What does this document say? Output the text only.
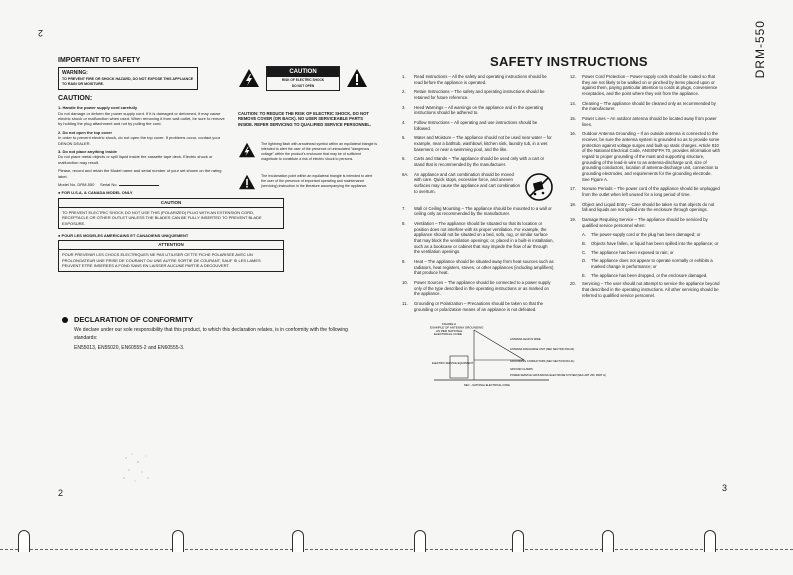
2	DRM-550
IMPORTANT TO SAFETY
WARNING:
TO PREVENT FIRE OR SHOCK HAZARD, DO NOT EXPOSE THIS APPLIANCE TO RAIN OR MOISTURE.
CAUTION:
1. Handle the power supply cord carefully
Do not damage or deform the power supply cord. If it is damaged or deformed, it may cause electric shock or malfunction when used. When removing it from wall outlet, be sure to remove by holding the plug attachment and not by pulling the cord.
2. Do not open the top cover
In order to prevent electric shock, do not open the top cover. If problems occur, contact your DENON DEALER.
3. Do not place anything inside
Do not place metal objects or spill liquid inside the cassette tape deck. Electric shock or malfunction may result.
Please, record and retain the Model name and serial number of your set shown on the rating label.
Model No. DRM-550 Serial No.
● FOR U.S.A. & CANADA MODEL ONLY
CAUTION
TO PREVENT ELECTRIC SHOCK DO NOT USE THIS (POLARIZED) PLUG WITH AN EXTENSION CORD, RECEPTACLE OR OTHER OUTLET UNLESS THE BLADES CAN BE FULLY INSERTED TO PREVENT BLADE EXPOSURE.
● POUR LES MODELES AMERICAINS ET CANADIENS UNIQUEMENT
ATTENTION
POUR PREVENIR LES CHOCS ELECTRIQUES NE PAS UTILISER CETTE FICHE POLARISEE AVEC UN PROLONGATEUR UNE PRISE DE COURANT OU UNE AUTRE SORTIE DE COURANT, SAUF SI LES LAMES PEUVENT ETRE INSEREES A FOND SANS EN LAISSER AUCUNE PARTIE A DECOUVERT.
CAUTION
RISK OF ELECTRIC SHOCK
DO NOT OPEN
CAUTION: TO REDUCE THE RISK OF ELECTRIC SHOCK, DO NOT REMOVE COVER (OR BACK). NO USER SERVICEABLE PARTS INSIDE. REFER SERVICING TO QUALIFIED SERVICE PERSONNEL.
The lightning flash with arrowhead symbol within an equilateral triangle is intended to alert the user of the presence of uninsulated "dangerous voltage" within the product's enclosure that may be of sufficient magnitude to constitute a risk of electric shock to persons.
The exclamation point within an equilateral triangle is intended to alert the user of the presence of important operating and maintenance (servicing) instruction in the literature accompanying the appliance.
DECLARATION OF CONFORMITY
We declare under our sole responsibility that this product, to which this declaration relates, is in conformity with the following standards:
EN55013, EN55020, EN60555-2 and EN60555-3.
2
SAFETY INSTRUCTIONS
1.	Read Instructions – All the safety and operating instructions should be read before the appliance is operated.
2.	Retain Instructions – The safety and operating instructions should be retained for future reference.
3.	Heed Warnings – All warnings on the appliance and in the operating instructions should be adhered to.
4.	Follow Instructions – All operating and use instructions should be followed.
5.	Water and Moisture – The appliance should not be used near water – for example, near a bathtub, washbowl, kitchen sink, laundry tub, in a wet basement, or near a swimming pool, and the like.
6.	Carts and Stands – The appliance should be used only with a cart or stand that is recommended by the manufacturer.
6A.	An appliance and cart combination should be moved with care. Quick stops, excessive force, and uneven surfaces may cause the appliance and cart combination to overturn.
7.	Wall or Ceiling Mounting – The appliance should be mounted to a wall or ceiling only as recommended by the manufacturer.
8.	Ventilation – The appliance should be situated so that its location or position does not interfere with its proper ventilation. For example, the appliance should not be situated on a bed, sofa, rug, or similar surface that may block the ventilation openings; or, placed in a built-in installation, such as a bookcase or cabinet that may impede the flow of air through the ventilation openings.
9.	Heat – The appliance should be situated away from heat sources such as radiators, heat registers, stoves, or other appliances (including amplifiers) that produce heat.
10.	Power Sources – The appliance should be connected to a power supply only of the type described in the operating instructions or as marked on the appliance.
11.	Grounding or Polarization – Precautions should be taken so that the grounding or polarization means of an appliance is not defeated.
FIGURE A EXAMPLE OF ANTENNA GROUNDING AS PER NATIONAL ELECTRICAL CODE
ELECTRIC SERVICE EQUIPMENT
ANTENNA LEAD IN WIRE
ANTENNA DISCHARGE UNIT (NEC SECTION 810-20)
GROUNDING CONDUCTORS (NEC SECTION 810-21)
GROUND CLAMPS
POWER SERVICE GROUNDING ELECTRODE SYSTEM (NEC ART 250, PART H)
NEC – NATIONAL ELECTRICAL CODE
12.	Power Cord Protection – Power-supply cords should be routed so that they are not likely to be walked on or pinched by items placed upon or against them, paying particular attention to cords at plugs, convenience receptacles, and the point where they exit from the appliance.
14.	Cleaning – The appliance should be cleaned only as recommended by the manufacturer.
15.	Power Lines – An outdoor antenna should be located away from power lines.
16.	Outdoor Antenna Grounding – If an outside antenna is connected to the receiver, be sure the antenna system is grounded so as to provide some protection against voltage surges and built-up static charges. Article 810 of the National Electrical Code, ANSI/NFPA 70, provides information with regard to proper grounding of the mast and supporting structure, grounding of the lead-in wire to an antenna-discharge unit, size of grounding conductors, location of antenna-discharge unit, connection to grounding electrodes, and requirements for the grounding electrode. See Figure A.
17.	Nonuse Periods – The power cord of the appliance should be unplugged from the outlet when left unused for a long period of time.
18.	Object and Liquid Entry – Care should be taken so that objects do not fall and liquids are not spilled into the enclosure through openings.
19.	Damage Requiring Service – The appliance should be serviced by qualified service personnel when:
A.	The power-supply cord or the plug has been damaged; or
B.	Objects have fallen, or liquid has been spilled into the appliance; or
C.	The appliance has been exposed to rain; or
D.	The appliance does not appear to operate normally or exhibits a marked change in performance; or
E.	The appliance has been dropped, or the enclosure damaged.
20.	Servicing – The user should not attempt to service the appliance beyond that described in the operating instructions. All other servicing should be referred to qualified service personnel.
3
